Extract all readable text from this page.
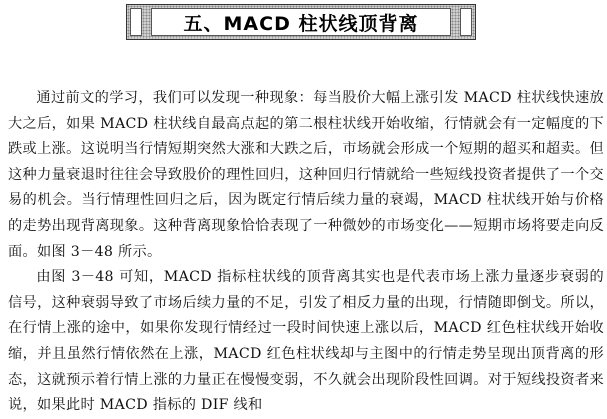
五、MACD 柱状线顶背离

通过前文的学习，我们可以发现一种现象：每当股价大幅上涨引发 MACD 柱状线快速放大之后，如果 MACD 柱状线自最高点起的第二根柱状线开始收缩，行情就会有一定幅度的下跌或上涨。这说明当行情短期突然大涨和大跌之后，市场就会形成一个短期的超买和超卖。但这种力量衰退时往往会导致股价的理性回归，这种回归行情就给一些短线投资者提供了一个交易的机会。当行情理性回归之后，因为既定行情后续力量的衰竭，MACD 柱状线开始与价格的走势出现背离现象。这种背离现象恰恰表现了一种微妙的市场变化——短期市场将要走向反面。如图 3－48 所示。

由图 3－48 可知，MACD 指标柱状线的顶背离其实也是代表市场上涨力量逐步衰弱的信号，这种衰弱导致了市场后续力量的不足，引发了相反力量的出现，行情随即倒戈。所以，在行情上涨的途中，如果你发现行情经过一段时间快速上涨以后，MACD 红色柱状线开始收缩，并且虽然行情依然在上涨，MACD 红色柱状线却与主图中的行情走势呈现出顶背离的形态，这就预示着行情上涨的力量正在慢慢变弱，不久就会出现阶段性回调。对于短线投资者来说，如果此时 MACD 指标的 DIF 线和
